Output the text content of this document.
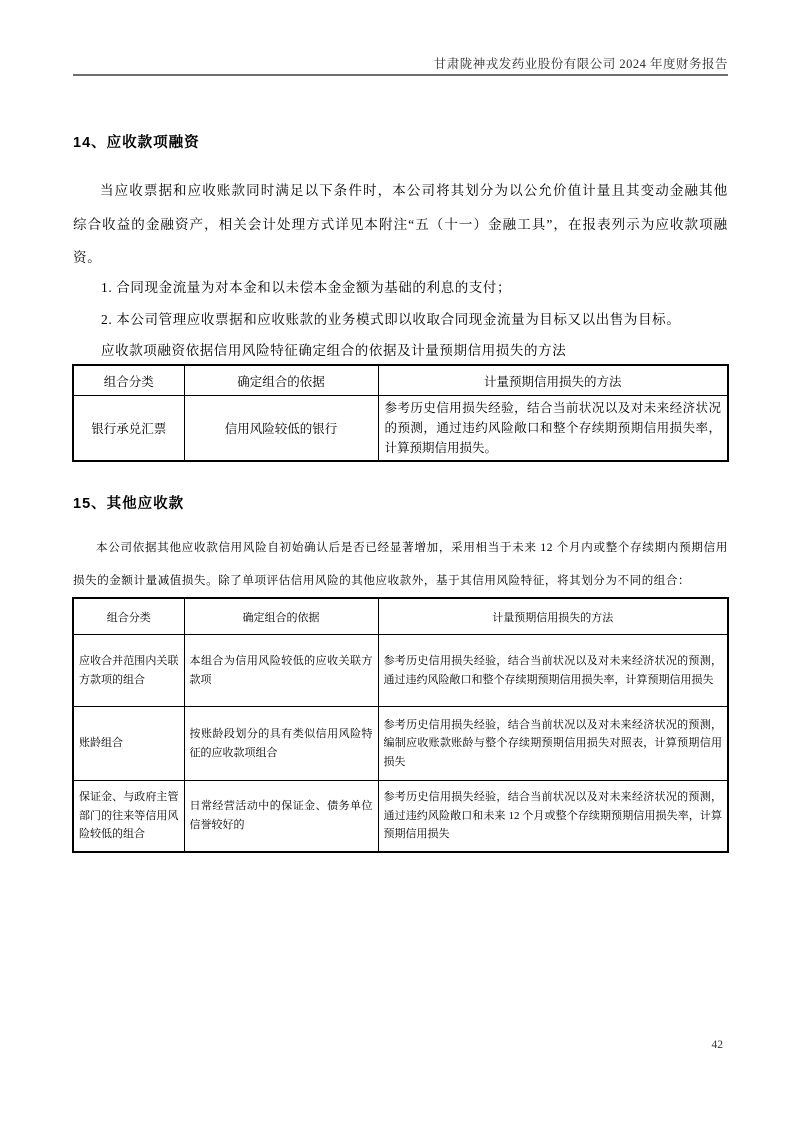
甘肃陇神戎发药业股份有限公司 2024 年度财务报告
14、应收款项融资

当应收票据和应收账款同时满足以下条件时，本公司将其划分为以公允价值计量且其变动金融其他综合收益的金融资产，相关会计处理方式详见本附注“五（十一）金融工具”，在报表列示为应收款项融资。

1. 合同现金流量为对本金和以未偿本金金额为基础的利息的支付；
2. 本公司管理应收票据和应收账款的业务模式即以收取合同现金流量为目标又以出售为目标。
应收款项融资依据信用风险特征确定组合的依据及计量预期信用损失的方法
组合分类	确定组合的依据	计量预期信用损失的方法
银行承兑汇票	信用风险较低的银行	参考历史信用损失经验，结合当前状况以及对未来经济状况的预测，通过违约风险敞口和整个存续期预期信用损失率，计算预期信用损失。
15、其他应收款

本公司依据其他应收款信用风险自初始确认后是否已经显著增加，采用相当于未来 12 个月内或整个存续期内预期信用损失的金额计量减值损失。除了单项评估信用风险的其他应收款外，基于其信用风险特征，将其划分为不同的组合：

组合分类	确定组合的依据	计量预期信用损失的方法
应收合并范围内关联方款项的组合	本组合为信用风险较低的应收关联方款项	参考历史信用损失经验，结合当前状况以及对未来经济状况的预测，通过违约风险敞口和整个存续期预期信用损失率，计算预期信用损失
账龄组合	按账龄段划分的具有类似信用风险特征的应收款项组合	参考历史信用损失经验，结合当前状况以及对未来经济状况的预测，编制应收账款账龄与整个存续期预期信用损失对照表，计算预期信用损失
保证金、与政府主管部门的往来等信用风险较低的组合	日常经营活动中的保证金、债务单位信誉较好的	参考历史信用损失经验，结合当前状况以及对未来经济状况的预测，通过违约风险敞口和未来 12 个月或整个存续期预期信用损失率，计算预期信用损失
42
